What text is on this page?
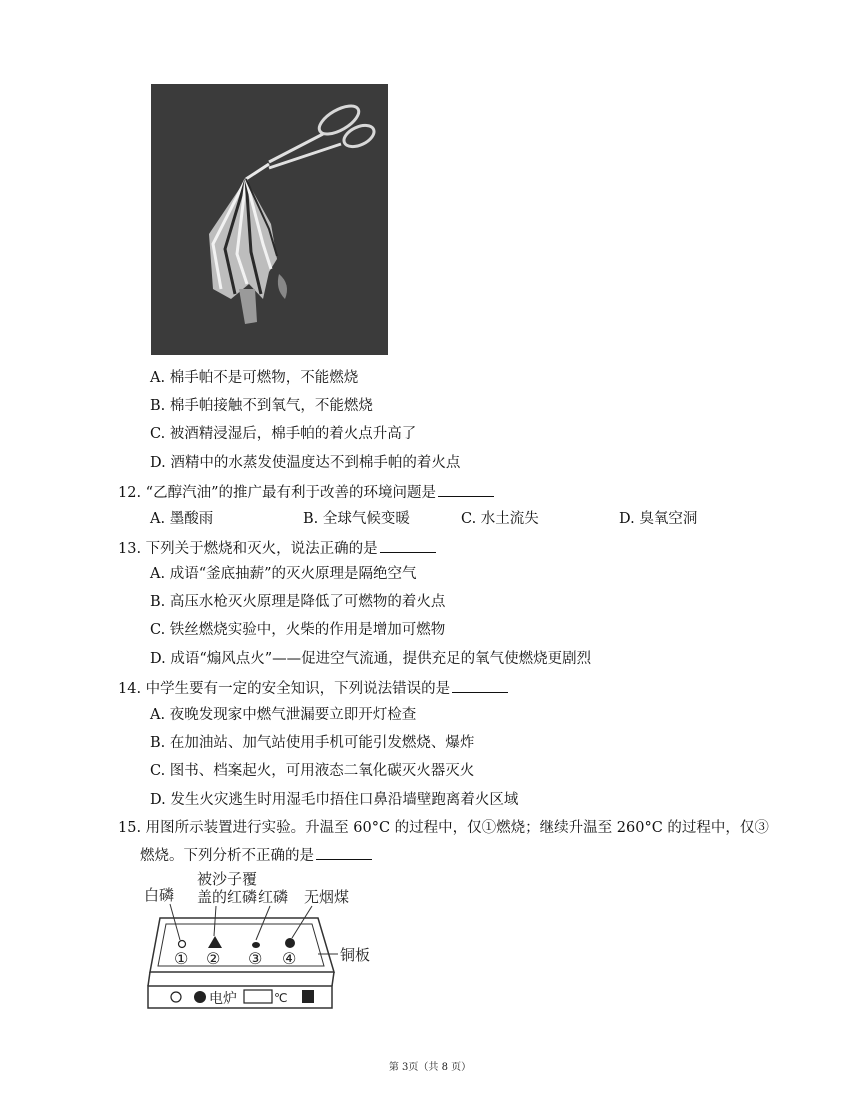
A. 棉手帕不是可燃物，不能燃烧
B. 棉手帕接触不到氧气，不能燃烧
C. 被酒精浸湿后，棉手帕的着火点升高了
D. 酒精中的水蒸发使温度达不到棉手帕的着火点
12. “乙醇汽油”的推广最有利于改善的环境问题是
A. 墨酸雨	B. 全球气候变暖	C. 水土流失	D. 臭氧空洞
13. 下列关于燃烧和灭火，说法正确的是
A. 成语“釜底抽薪”的灭火原理是隔绝空气
B. 高压水枪灭火原理是降低了可燃物的着火点
C. 铁丝燃烧实验中，火柴的作用是增加可燃物
D. 成语“煽风点火”——促进空气流通，提供充足的氧气使燃烧更剧烈
14. 中学生要有一定的安全知识，下列说法错误的是
A. 夜晚发现家中燃气泄漏要立即开灯检查
B. 在加油站、加气站使用手机可能引发燃烧、爆炸
C. 图书、档案起火，可用液态二氧化碳灭火器灭火
D. 发生火灾逃生时用湿毛巾捂住口鼻沿墙壁跑离着火区域
15. 用图所示装置进行实验。升温至 60°C 的过程中，仅①燃烧；继续升温至 260°C 的过程中，仅③
燃烧。下列分析不正确的是
被沙子覆
盖的红磷
白磷	红磷 无烟煤
铜板
① ② ③ ④
电炉	℃
第 3页（共 8 页）
